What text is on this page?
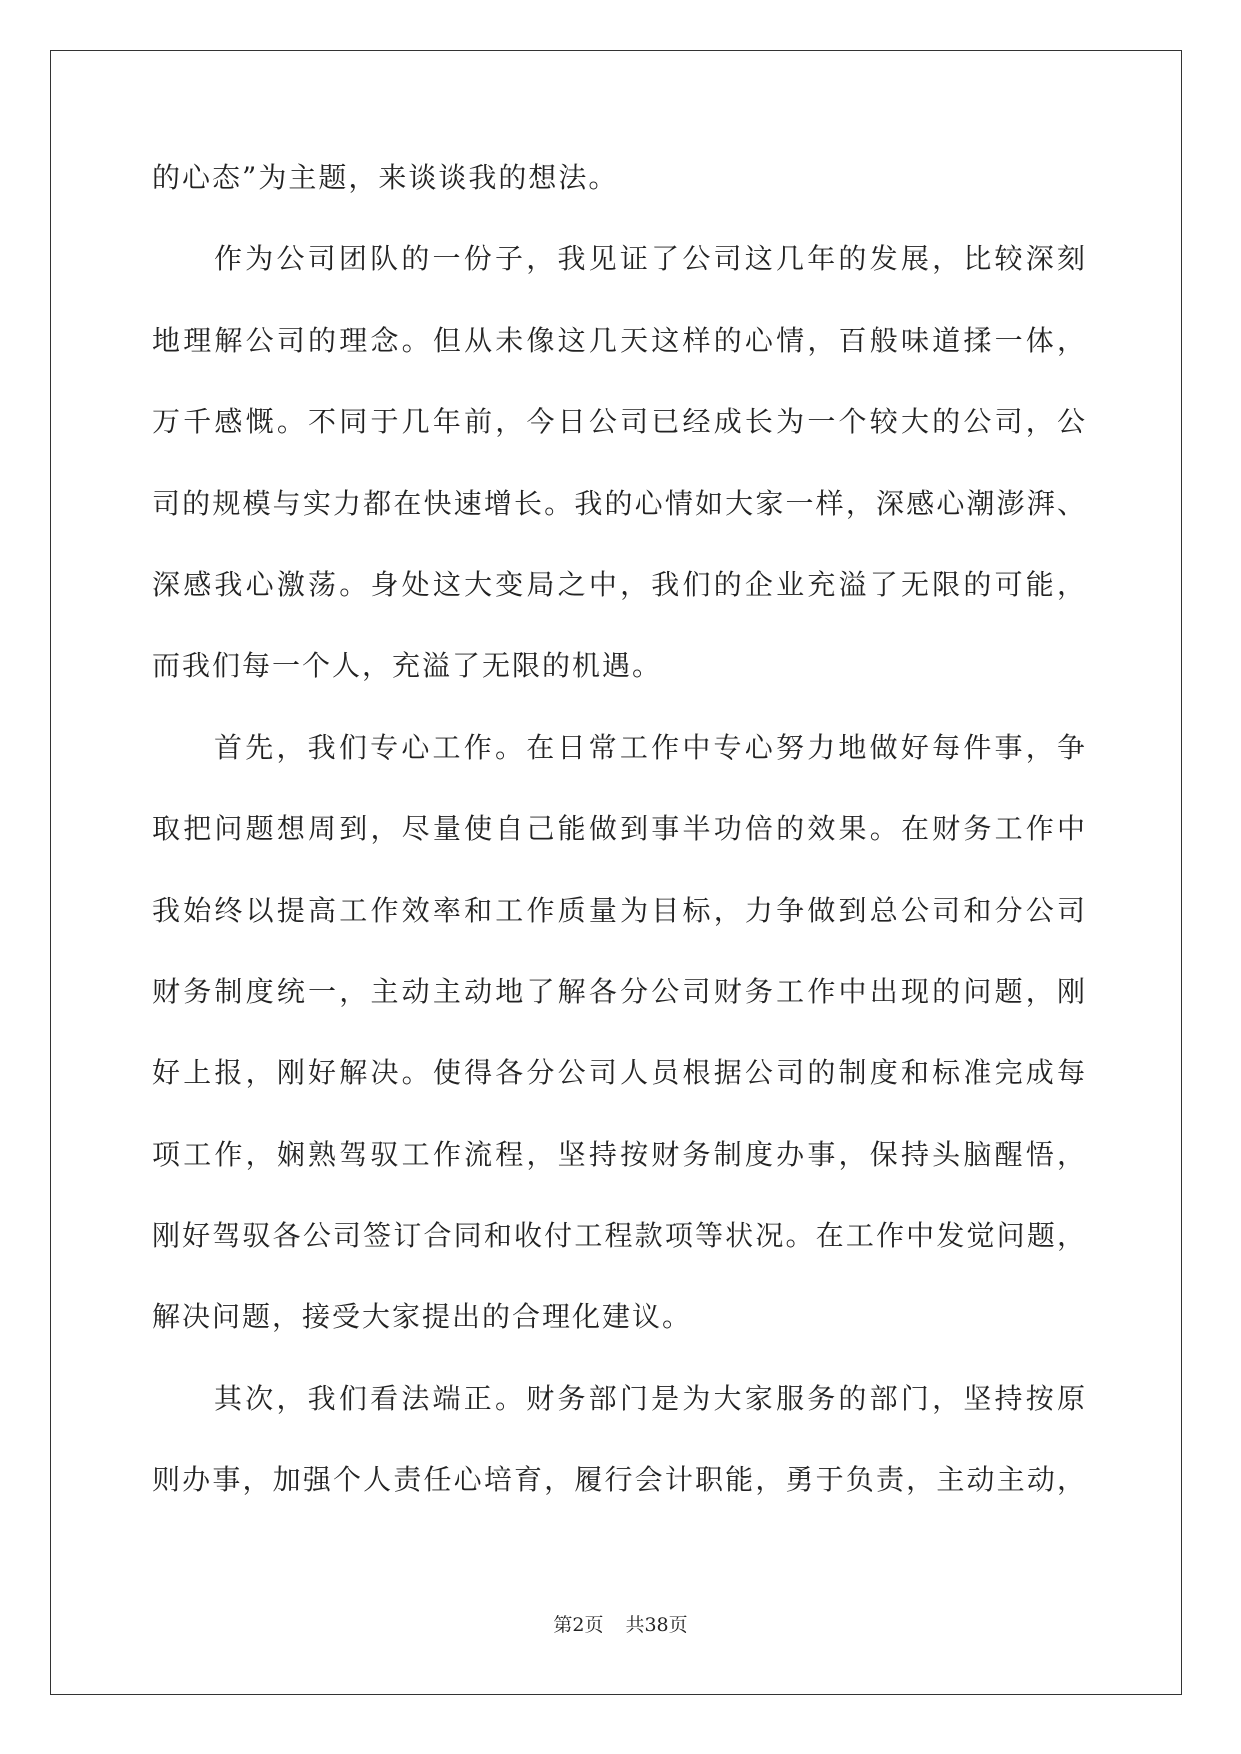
的心态”为主题，来谈谈我的想法。
作为公司团队的一份子，我见证了公司这几年的发展，比较深刻
地理解公司的理念。但从未像这几天这样的心情，百般味道揉一体，
万千感慨。不同于几年前，今日公司已经成长为一个较大的公司，公
司的规模与实力都在快速增长。我的心情如大家一样，深感心潮澎湃、
深感我心激荡。身处这大变局之中，我们的企业充溢了无限的可能，
而我们每一个人，充溢了无限的机遇。
首先，我们专心工作。在日常工作中专心努力地做好每件事，争
取把问题想周到，尽量使自己能做到事半功倍的效果。在财务工作中
我始终以提高工作效率和工作质量为目标，力争做到总公司和分公司
财务制度统一，主动主动地了解各分公司财务工作中出现的问题，刚
好上报，刚好解决。使得各分公司人员根据公司的制度和标准完成每
项工作，娴熟驾驭工作流程，坚持按财务制度办事，保持头脑醒悟，
刚好驾驭各公司签订合同和收付工程款项等状况。在工作中发觉问题，
解决问题，接受大家提出的合理化建议。
其次，我们看法端正。财务部门是为大家服务的部门，坚持按原
则办事，加强个人责任心培育，履行会计职能，勇于负责，主动主动，
第2页 共38页
